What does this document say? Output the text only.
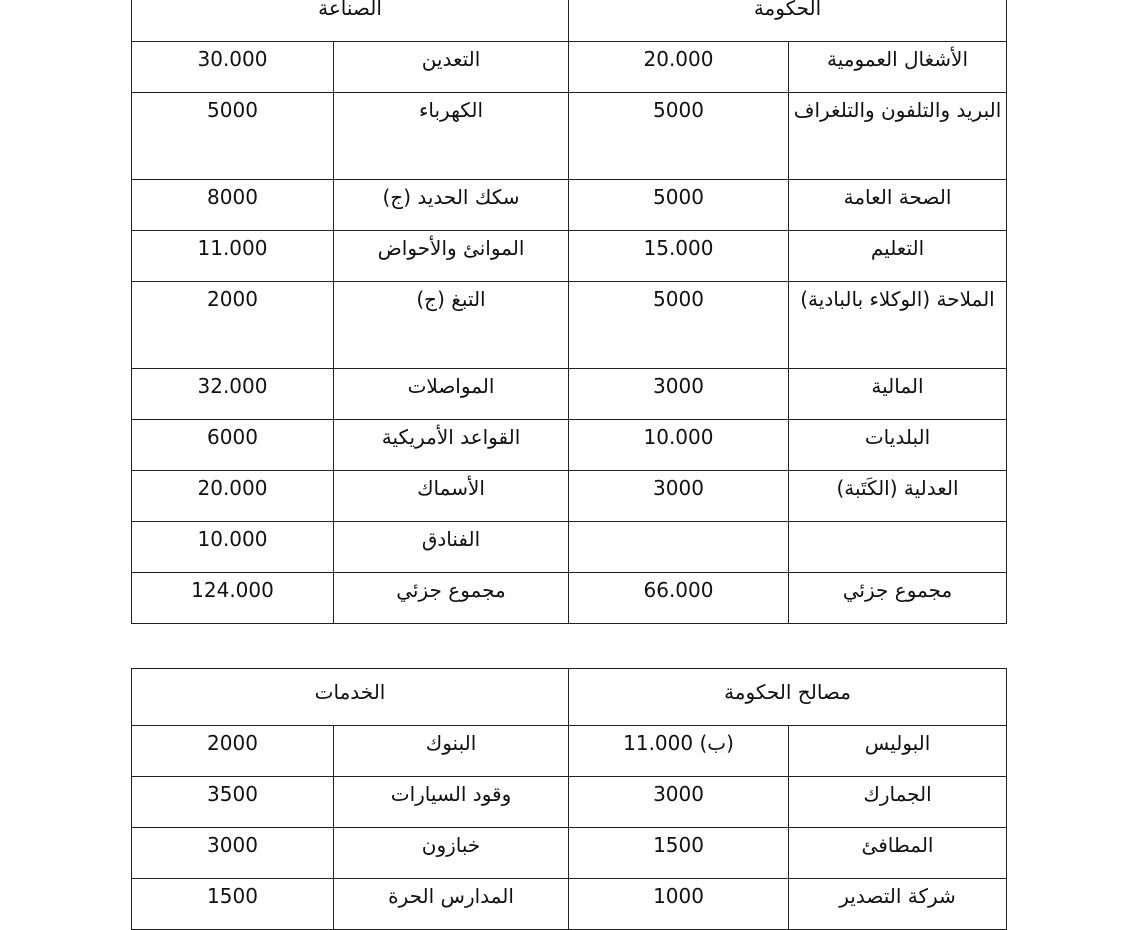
الصناعة		الحكومة	
30.000	التعدين	20.000	الأشغال العمومية
5000	الكهرباء	5000	البريد والتلفون والتلغراف
8000	سكك الحديد (ج)	5000	الصحة العامة
11.000	الموانئ والأحواض	15.000	التعليم
2000	التبغ (ج)	5000	الملاحة (الوكلاء بالبادية)
32.000	المواصلات	3000	المالية
6000	القواعد الأمريكية	10.000	البلديات
20.000	الأسماك	3000	العدلية (الكَتَبة)
10.000	الفنادق		
124.000	مجموع جزئي	66.000	مجموع جزئي
الخدمات		مصالح الحكومة	
2000	البنوك	11.000 (ب)	البوليس
3500	وقود السيارات	3000	الجمارك
3000	خبازون	1500	المطافئ
1500	المدارس الحرة	1000	شركة التصدير
